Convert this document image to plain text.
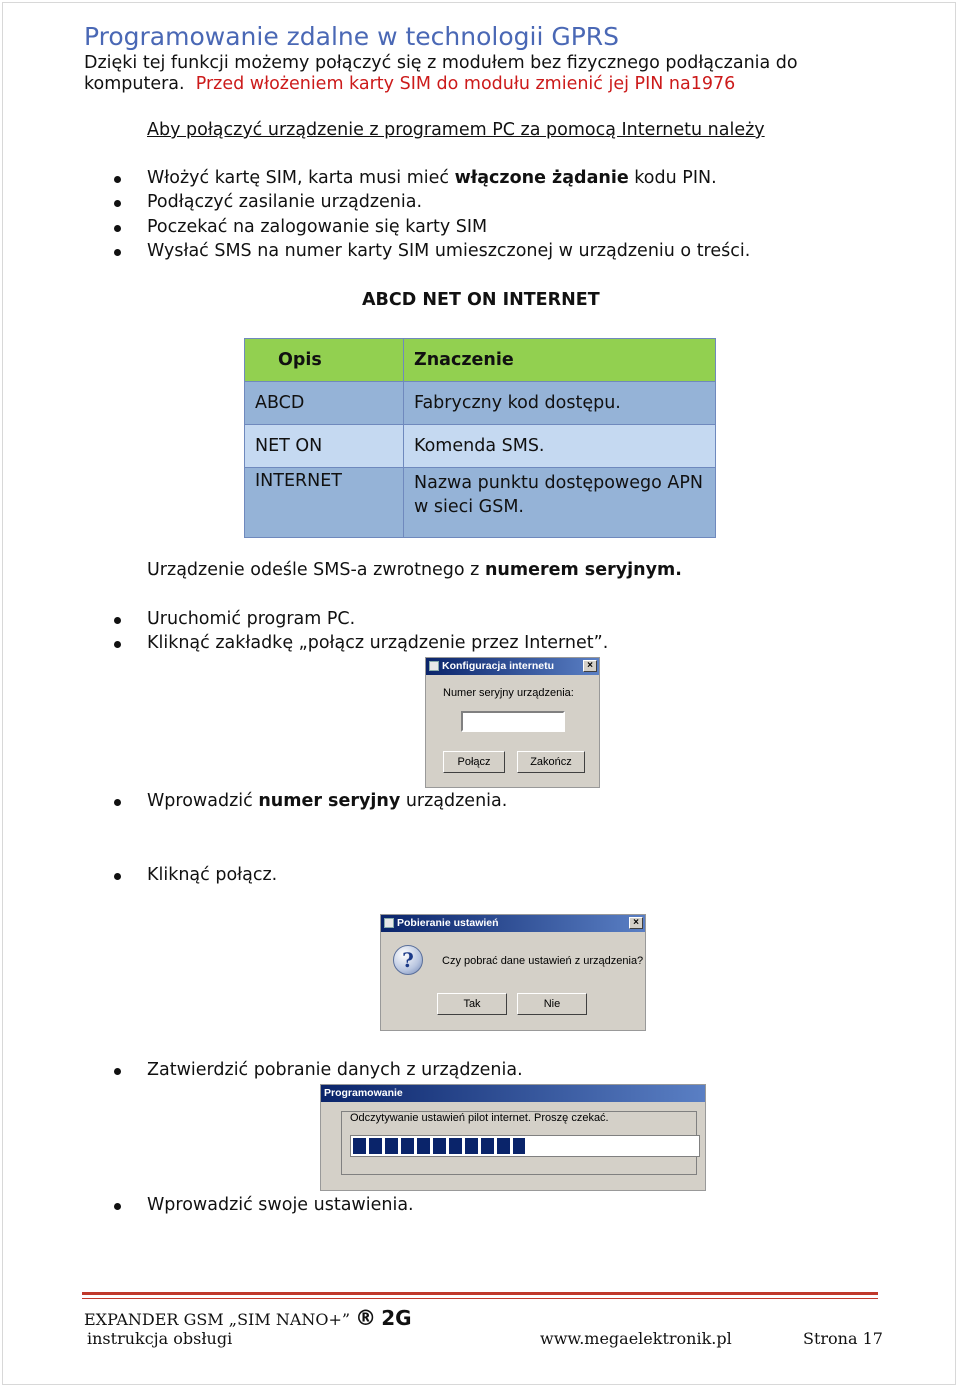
Programowanie zdalne w technologii GPRS
Dzięki tej funkcji możemy połączyć się z modułem bez fizycznego podłączania do
komputera. Przed włożeniem karty SIM do modułu zmienić jej PIN na1976
Aby połączyć urządzenie z programem PC za pomocą Internetu należy
Włożyć kartę SIM, karta musi mieć włączone żądanie kodu PIN.
Podłączyć zasilanie urządzenia.
Poczekać na zalogowanie się karty SIM
Wysłać SMS na numer karty SIM umieszczonej w urządzeniu o treści.
ABCD NET ON INTERNET
Opis	Znaczenie
ABCD	Fabryczny kod dostępu.
NET ON	Komenda SMS.
INTERNET	Nazwa punktu dostępowego APN w sieci GSM.
Urządzenie odeśle SMS-a zwrotnego z numerem seryjnym.
Uruchomić program PC.
Kliknąć zakładkę „połącz urządzenie przez Internet”.
Konfiguracja internetu	×
Numer seryjny urządzenia:
Połącz	Zakończ
Wprowadzić numer seryjny urządzenia.
Kliknąć połącz.
Pobieranie ustawień	×
?	Czy pobrać dane ustawień z urządzenia?
Tak	Nie
Zatwierdzić pobranie danych z urządzenia.
Programowanie
Odczytywanie ustawień pilot internet. Proszę czekać.
Wprowadzić swoje ustawienia.
EXPANDER GSM „SIM NANO+” ® 2G
instrukcja obsługi	www.megaelektronik.pl	Strona 17
